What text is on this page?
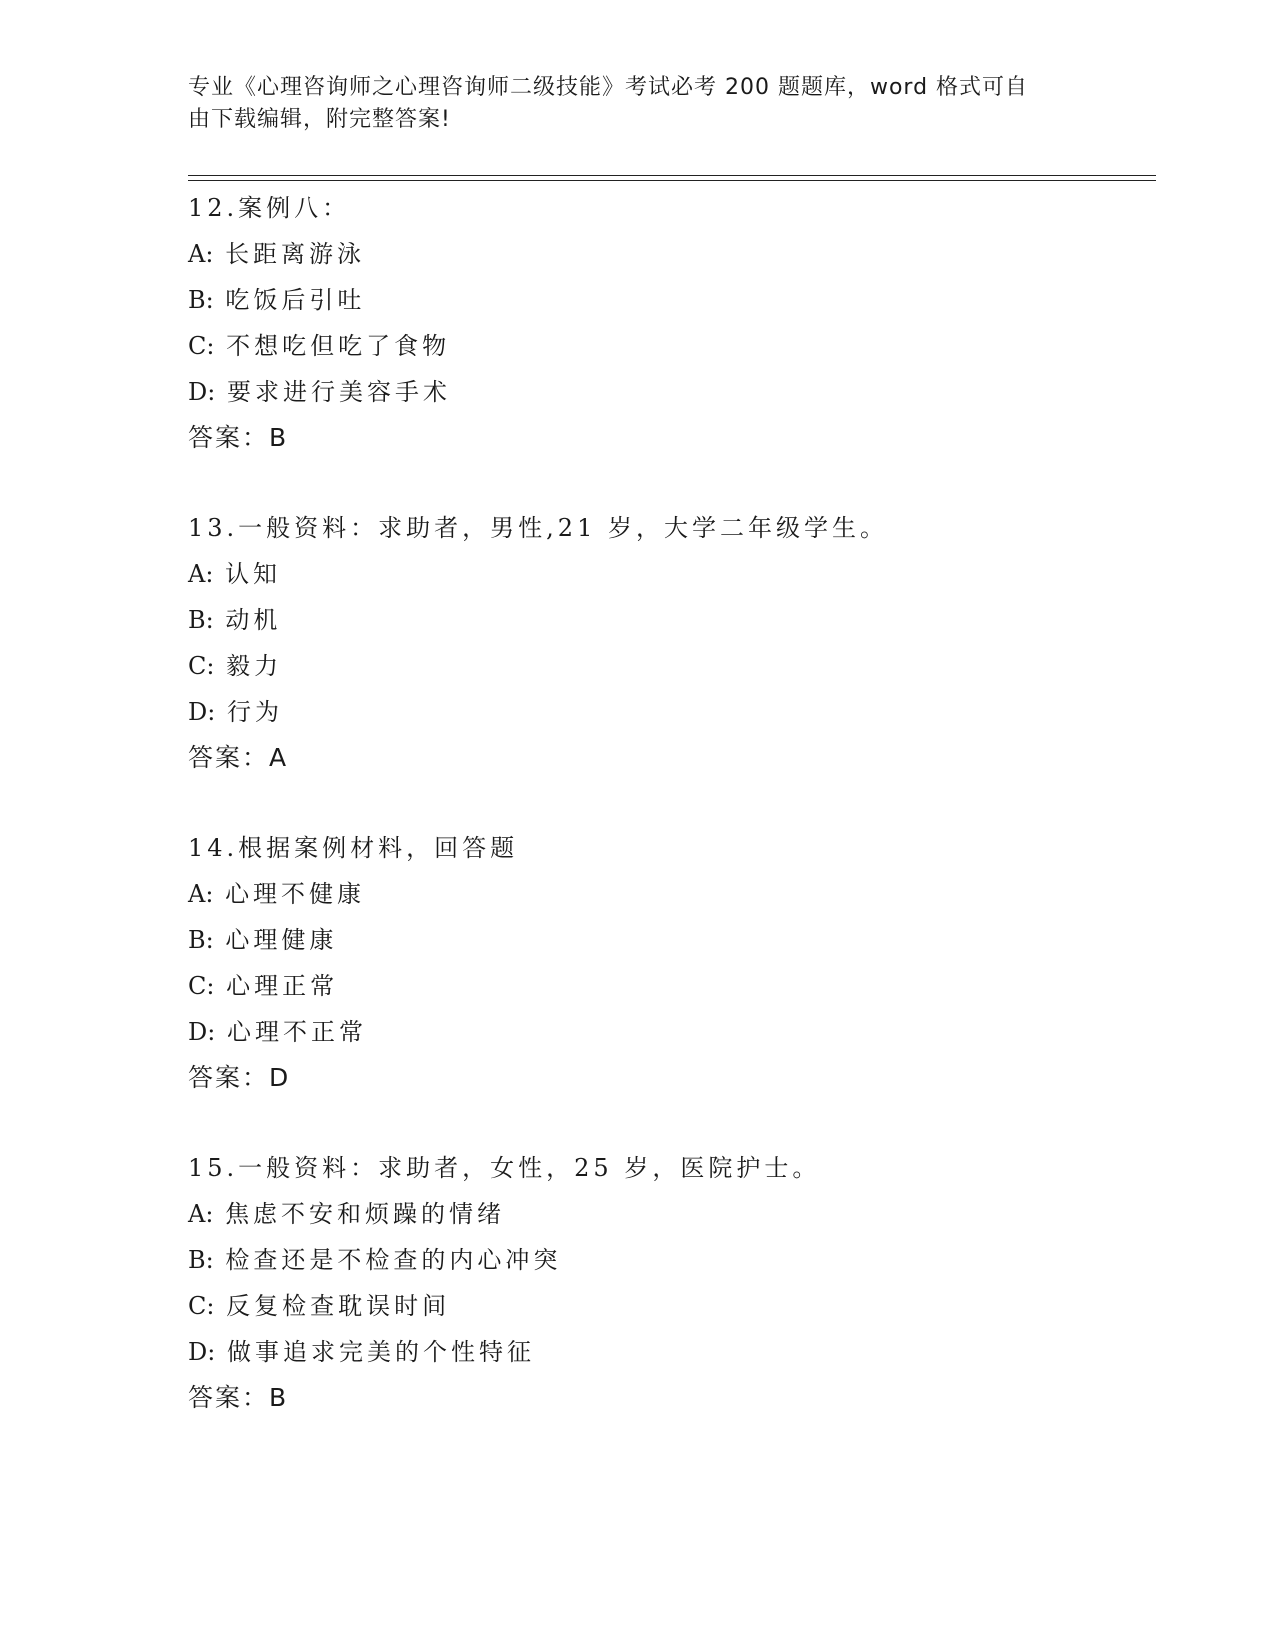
专业《心理咨询师之心理咨询师二级技能》考试必考 200 题题库，word 格式可自
由下载编辑，附完整答案!
12.案例八：
A: 长距离游泳
B: 吃饭后引吐
C: 不想吃但吃了食物
D: 要求进行美容手术
答案：B
13.一般资料：求助者，男性,21 岁，大学二年级学生。
A: 认知
B: 动机
C: 毅力
D: 行为
答案：A
14.根据案例材料，回答题
A: 心理不健康
B: 心理健康
C: 心理正常
D: 心理不正常
答案：D
15.一般资料：求助者，女性，25 岁，医院护士。
A: 焦虑不安和烦躁的情绪
B: 检查还是不检查的内心冲突
C: 反复检查耽误时间
D: 做事追求完美的个性特征
答案：B
